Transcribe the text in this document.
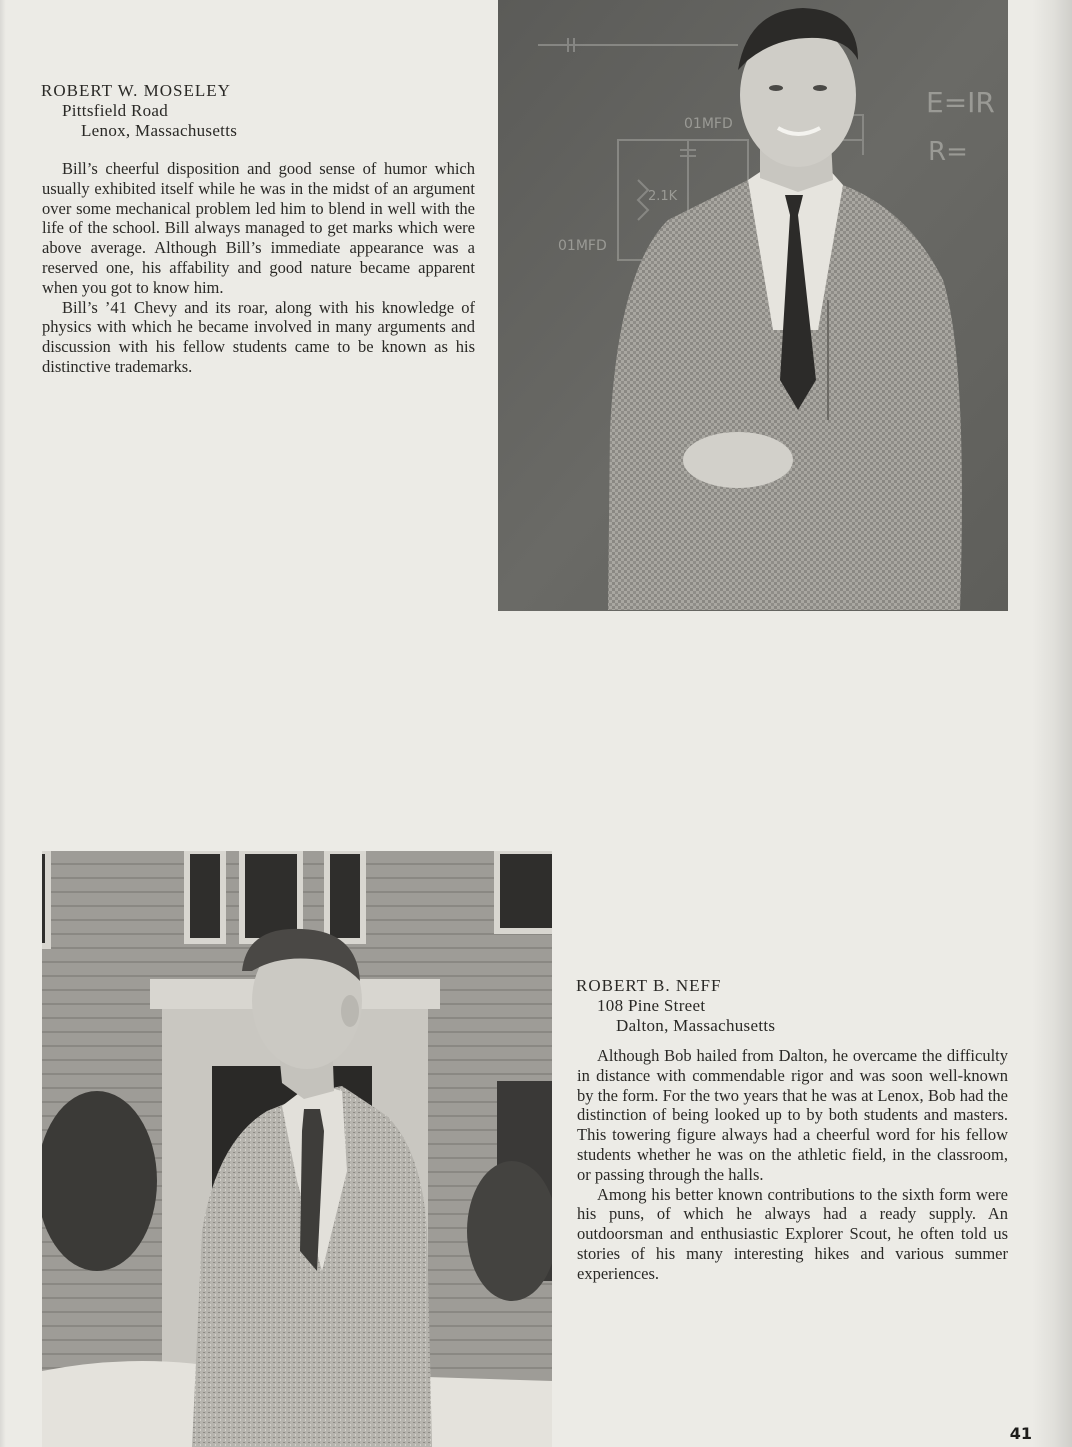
ROBERT W. MOSELEY
Pittsfield Road
Lenox, Massachusetts

Bill’s cheerful disposition and good sense of humor which usually exhibited itself while he was in the midst of an argument over some mechanical problem led him to blend in well with the life of the school. Bill always managed to get marks which were above average. Although Bill’s immediate appearance was a reserved one, his affability and good nature became apparent when you got to know him.

Bill’s ’41 Chevy and its roar, along with his knowledge of physics with which he became involved in many arguments and discussion with his fellow students came to be known as his distinctive trademarks.

E=IR
R=
01MFD
2.1K
01MFD
ROBERT B. NEFF
108 Pine Street
Dalton, Massachusetts

Although Bob hailed from Dalton, he overcame the difficulty in distance with commendable rigor and was soon well-known by the form. For the two years that he was at Lenox, Bob had the distinction of being looked up to by both students and masters. This towering figure always had a cheerful word for his fellow students whether he was on the athletic field, in the classroom, or passing through the halls.

Among his better known contributions to the sixth form were his puns, of which he always had a ready supply. An outdoorsman and enthusiastic Explorer Scout, he often told us stories of his many interesting hikes and various summer experiences.

41
